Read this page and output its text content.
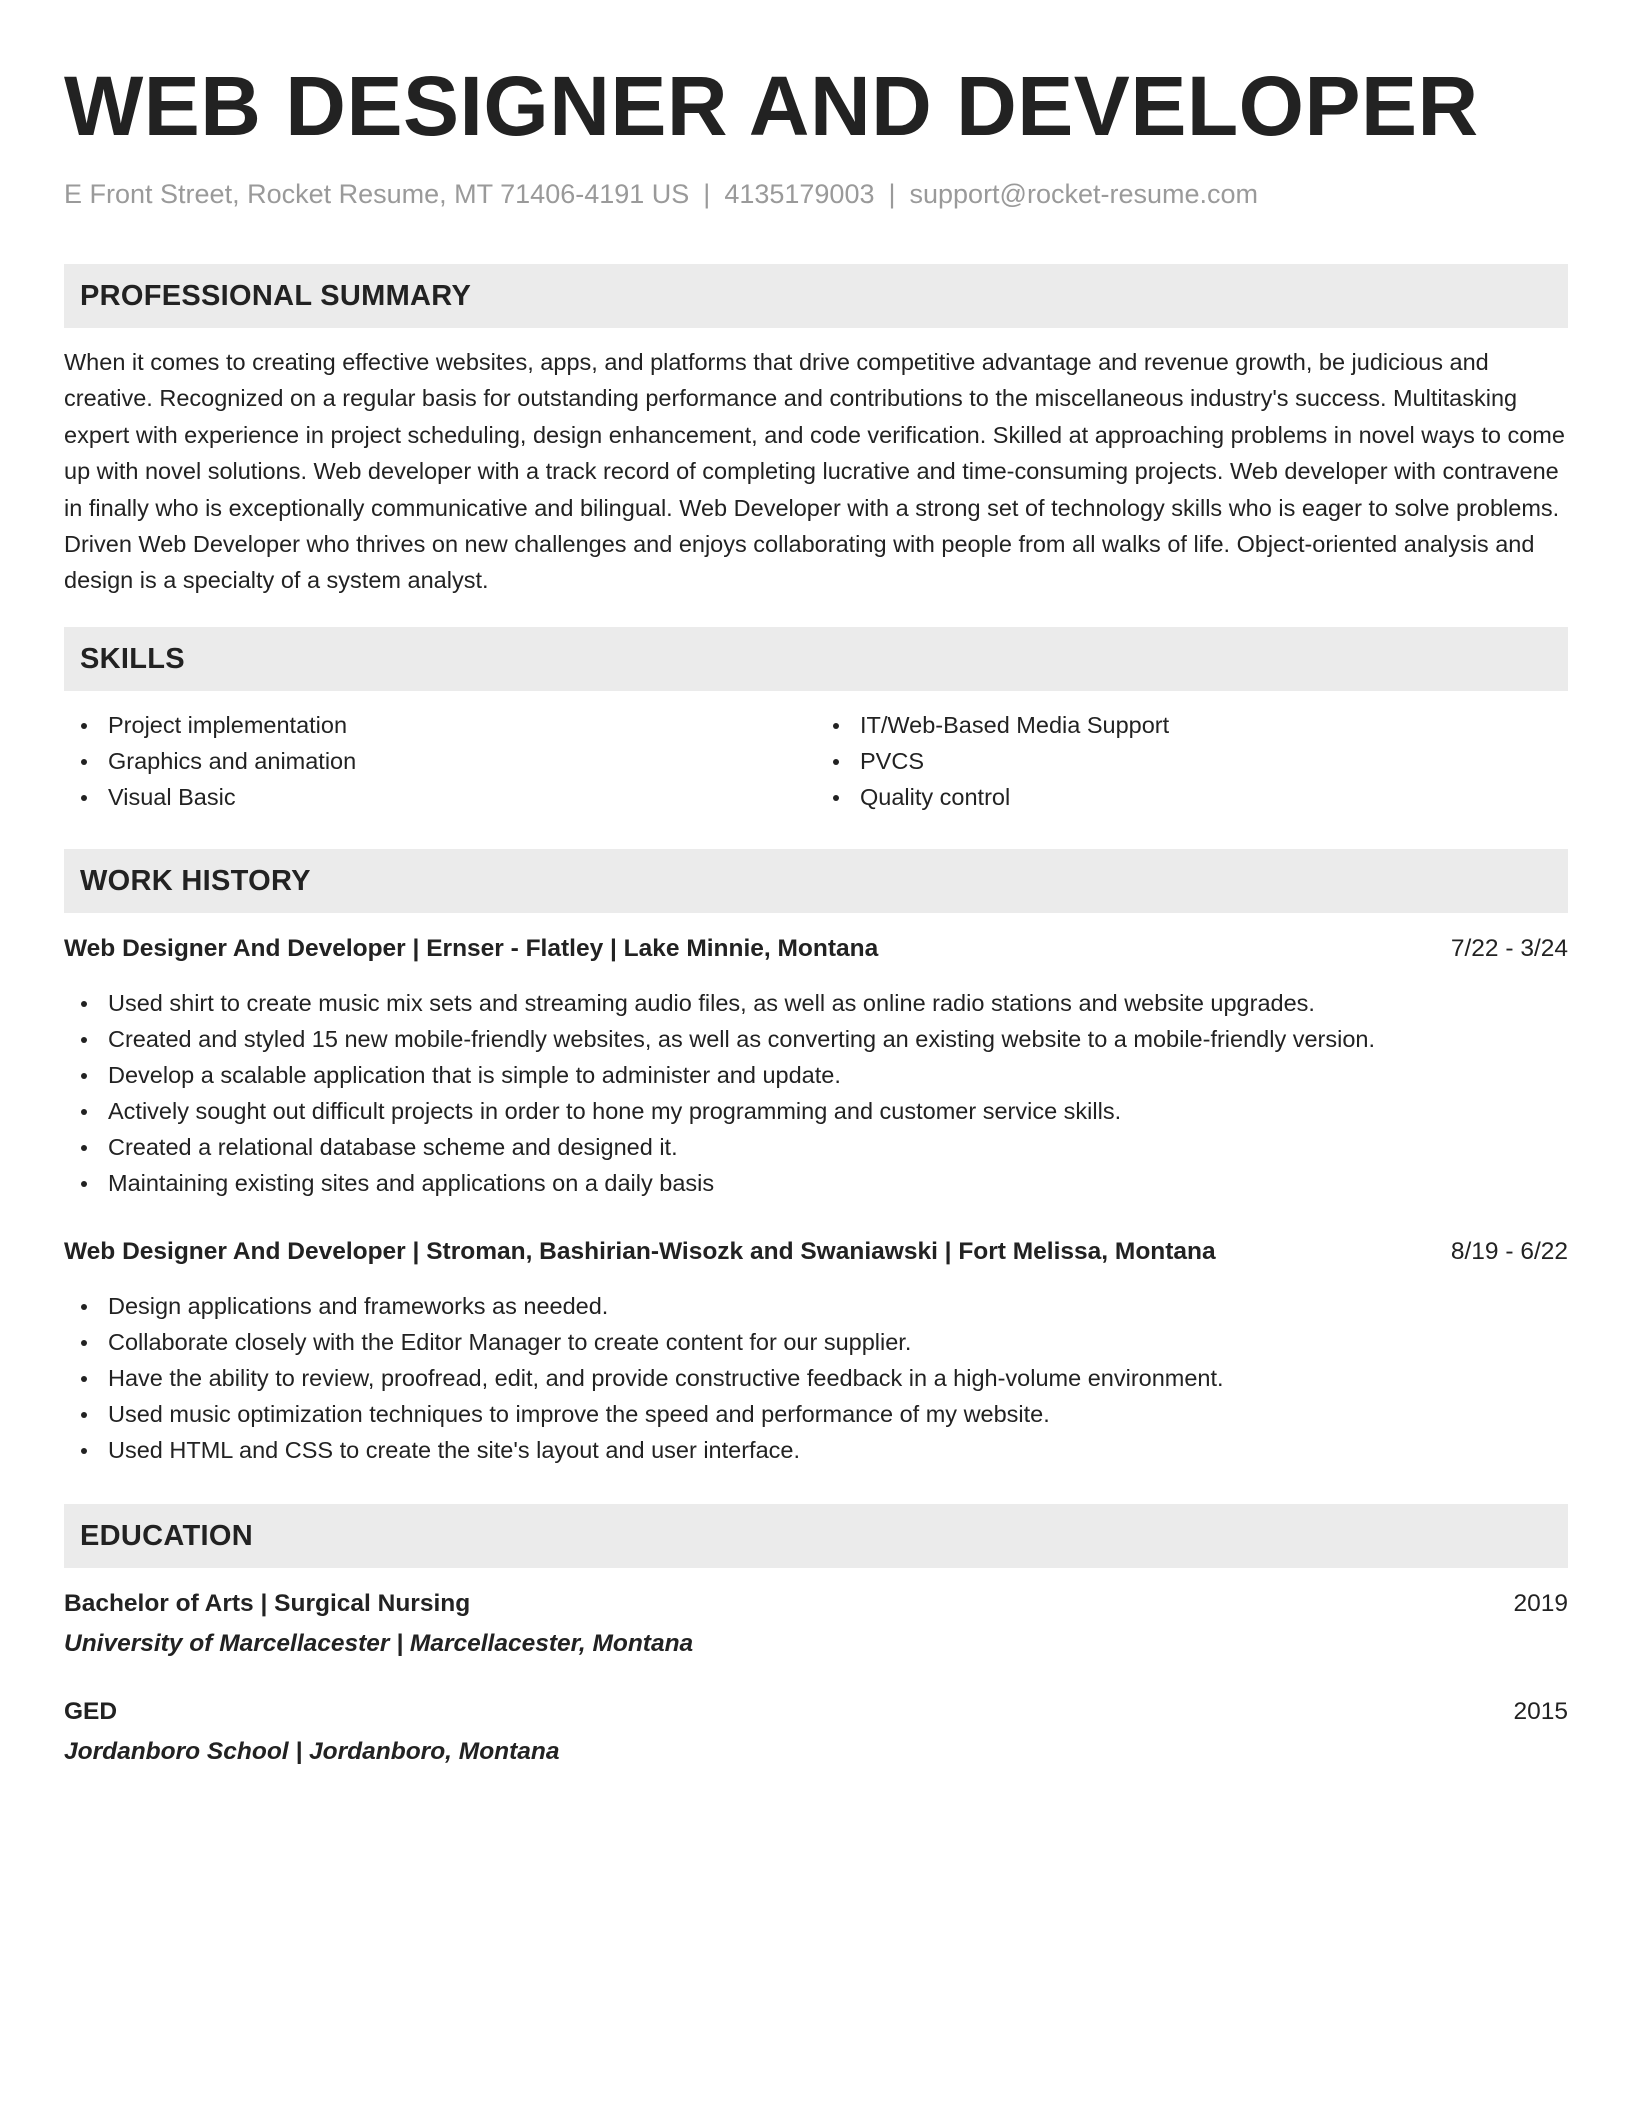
WEB DESIGNER AND DEVELOPER
E Front Street, Rocket Resume, MT 71406-4191 US | 4135179003 | support@rocket-resume.com
PROFESSIONAL SUMMARY

When it comes to creating effective websites, apps, and platforms that drive competitive advantage and revenue growth, be judicious and creative. Recognized on a regular basis for outstanding performance and contributions to the miscellaneous industry's success. Multitasking expert with experience in project scheduling, design enhancement, and code verification. Skilled at approaching problems in novel ways to come up with novel solutions. Web developer with a track record of completing lucrative and time-consuming projects. Web developer with contravene in finally who is exceptionally communicative and bilingual. Web Developer with a strong set of technology skills who is eager to solve problems. Driven Web Developer who thrives on new challenges and enjoys collaborating with people from all walks of life. Object-oriented analysis and design is a specialty of a system analyst.

SKILLS
Project implementation
Graphics and animation
Visual Basic
IT/Web-Based Media Support
PVCS
Quality control
WORK HISTORY
Web Designer And Developer | Ernser - Flatley | Lake Minnie, Montana	7/22 - 3/24
Used shirt to create music mix sets and streaming audio files, as well as online radio stations and website upgrades.
Created and styled 15 new mobile-friendly websites, as well as converting an existing website to a mobile-friendly version.
Develop a scalable application that is simple to administer and update.
Actively sought out difficult projects in order to hone my programming and customer service skills.
Created a relational database scheme and designed it.
Maintaining existing sites and applications on a daily basis
Web Designer And Developer | Stroman, Bashirian-Wisozk and Swaniawski | Fort Melissa, Montana	8/19 - 6/22
Design applications and frameworks as needed.
Collaborate closely with the Editor Manager to create content for our supplier.
Have the ability to review, proofread, edit, and provide constructive feedback in a high-volume environment.
Used music optimization techniques to improve the speed and performance of my website.
Used HTML and CSS to create the site's layout and user interface.
EDUCATION
Bachelor of Arts | Surgical Nursing	2019
University of Marcellacester | Marcellacester, Montana
GED	2015
Jordanboro School | Jordanboro, Montana
